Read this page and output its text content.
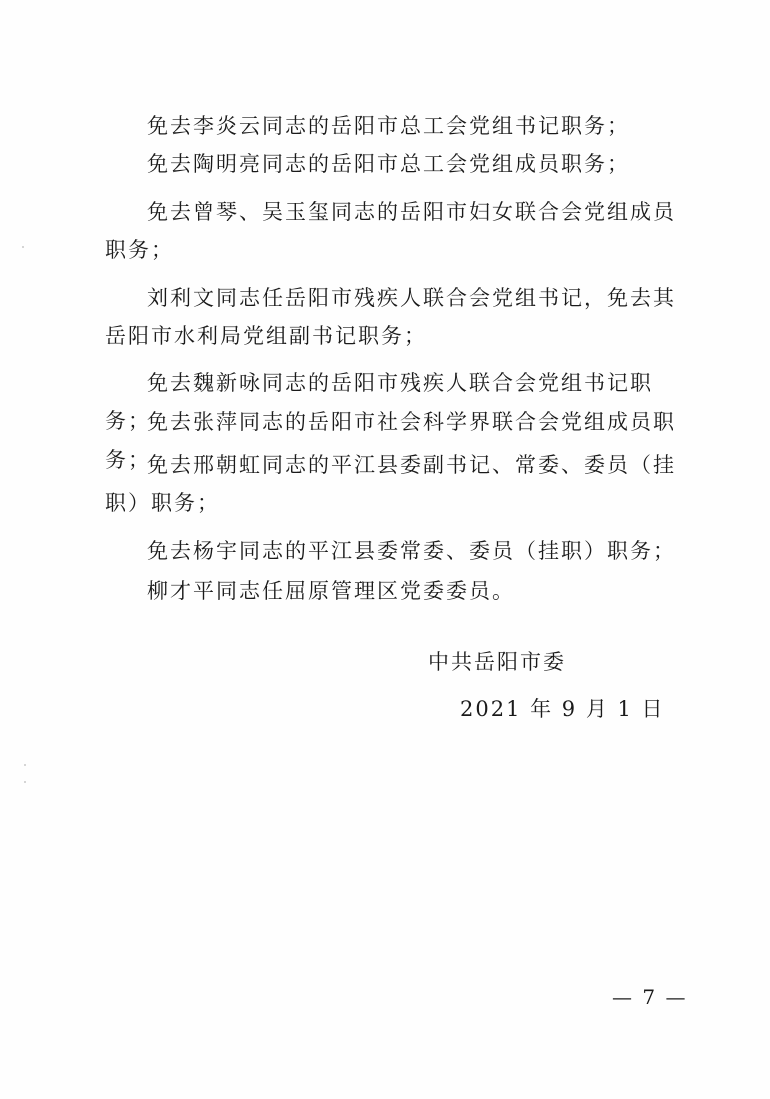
免去李炎云同志的岳阳市总工会党组书记职务；

免去陶明亮同志的岳阳市总工会党组成员职务；

免去曾琴、吴玉玺同志的岳阳市妇女联合会党组成员职务；

刘利文同志任岳阳市残疾人联合会党组书记，免去其岳阳市水利局党组副书记职务；

免去魏新咏同志的岳阳市残疾人联合会党组书记职务；

免去张萍同志的岳阳市社会科学界联合会党组成员职务；

免去邢朝虹同志的平江县委副书记、常委、委员（挂职）职务；

免去杨宇同志的平江县委常委、委员（挂职）职务；

柳才平同志任屈原管理区党委委员。

中共岳阳市委

2021 年 9 月 1 日

— 7 —
